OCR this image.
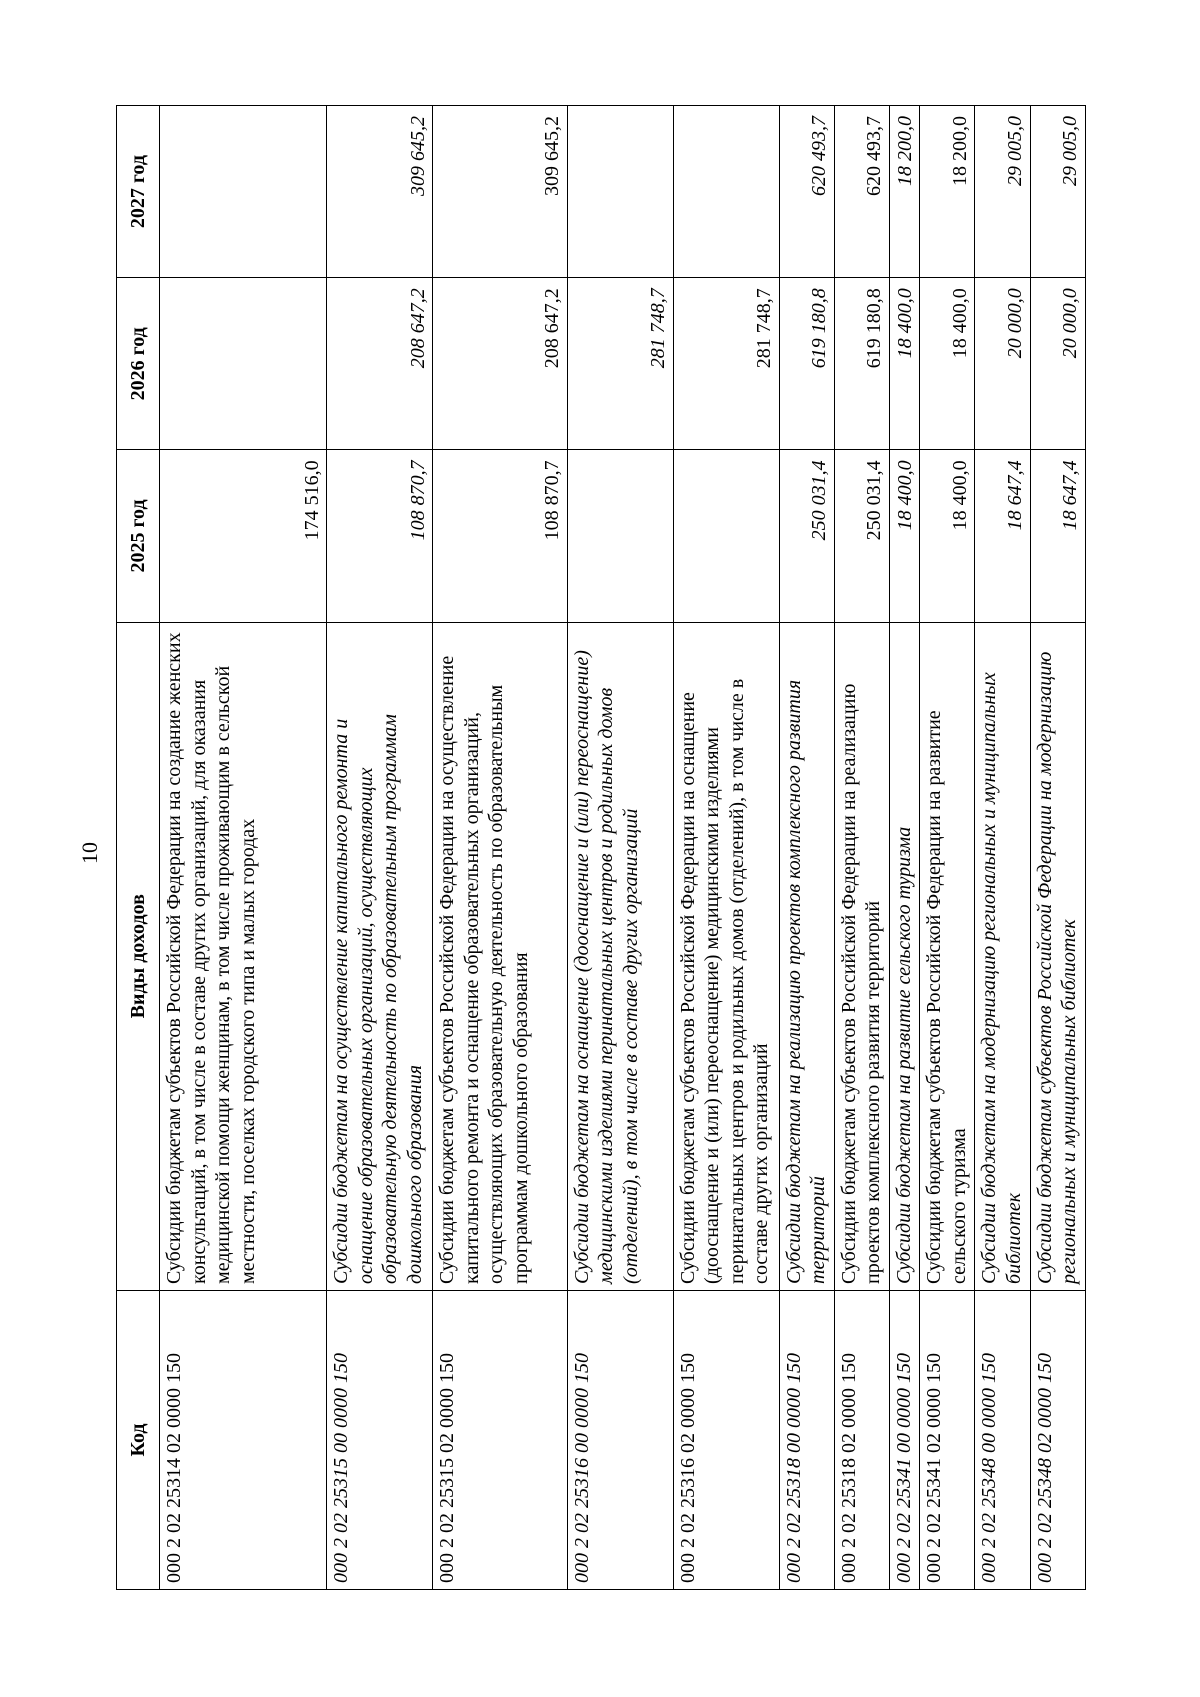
10
Код	Виды доходов	2025 год	2026 год	2027 год
000 2 02 25314 02 0000 150	Субсидии бюджетам субъектов Российской Федерации на создание женских консультаций, в том числе в составе других организаций, для оказания медицинской помощи женщинам, в том числе проживающим в сельской местности, поселках городского типа и малых городах	174 516,0		
000 2 02 25315 00 0000 150	Субсидии бюджетам на осуществление капитального ремонта и оснащение образовательных организаций, осуществляющих образовательную деятельность по образовательным программам дошкольного образования	108 870,7	208 647,2	309 645,2
000 2 02 25315 02 0000 150	Субсидии бюджетам субъектов Российской Федерации на осуществление капитального ремонта и оснащение образовательных организаций, осуществляющих образовательную деятельность по образовательным программам дошкольного образования	108 870,7	208 647,2	309 645,2
000 2 02 25316 00 0000 150	Субсидии бюджетам на оснащение (дооснащение и (или) переоснащение) медицинскими изделиями перинатальных центров и родильных домов (отделений), в том числе в составе других организаций		281 748,7	
000 2 02 25316 02 0000 150	Субсидии бюджетам субъектов Российской Федерации на оснащение (дооснащение и (или) переоснащение) медицинскими изделиями перинатальных центров и родильных домов (отделений), в том числе в составе других организаций		281 748,7	
000 2 02 25318 00 0000 150	Субсидии бюджетам на реализацию проектов комплексного развития территорий	250 031,4	619 180,8	620 493,7
000 2 02 25318 02 0000 150	Субсидии бюджетам субъектов Российской Федерации на реализацию проектов комплексного развития территорий	250 031,4	619 180,8	620 493,7
000 2 02 25341 00 0000 150	Субсидии бюджетам на развитие сельского туризма	18 400,0	18 400,0	18 200,0
000 2 02 25341 02 0000 150	Субсидии бюджетам субъектов Российской Федерации на развитие сельского туризма	18 400,0	18 400,0	18 200,0
000 2 02 25348 00 0000 150	Субсидии бюджетам на модернизацию региональных и муниципальных библиотек	18 647,4	20 000,0	29 005,0
000 2 02 25348 02 0000 150	Субсидии бюджетам субъектов Российской Федерации на модернизацию региональных и муниципальных библиотек	18 647,4	20 000,0	29 005,0
